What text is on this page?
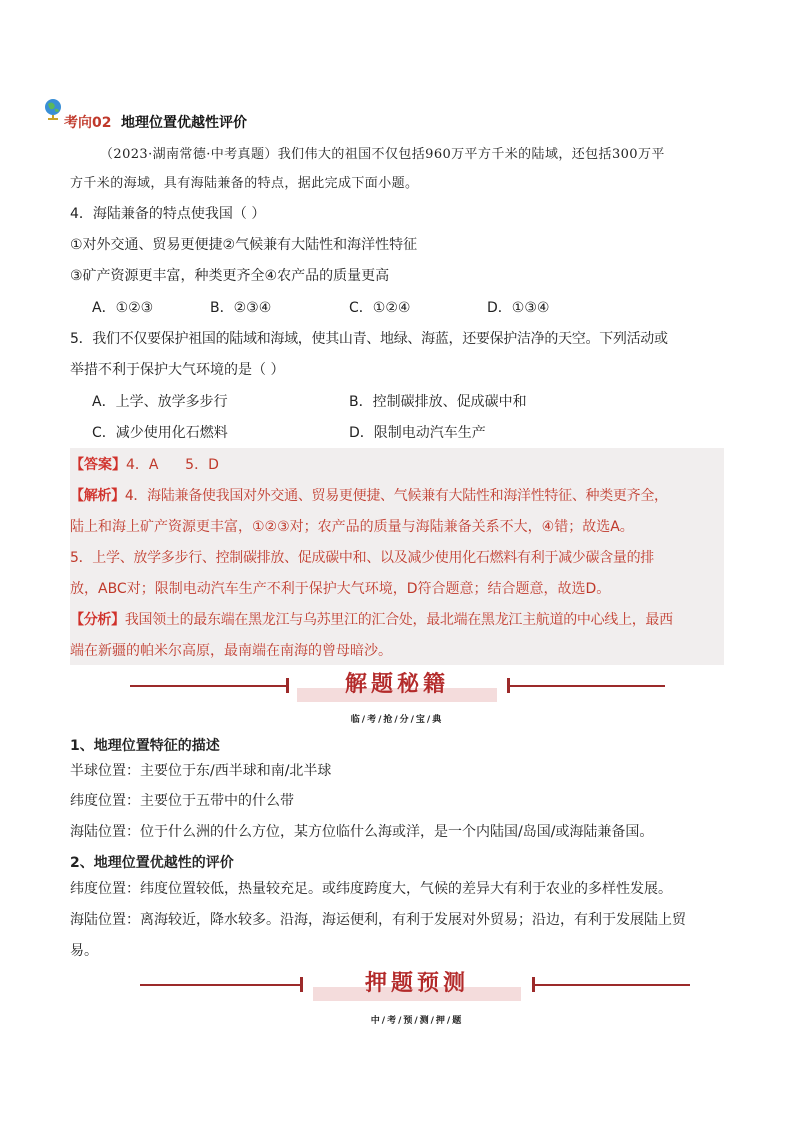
考向02 地理位置优越性评价
（2023·湖南常德·中考真题）我们伟大的祖国不仅包括960万平方千米的陆域，还包括300万平
方千米的海域，具有海陆兼备的特点，据此完成下面小题。
4．海陆兼备的特点使我国（ ）
①对外交通、贸易更便捷②气候兼有大陆性和海洋性特征
③矿产资源更丰富，种类更齐全④农产品的质量更高
A．①②③	B．②③④	C．①②④	D．①③④
5．我们不仅要保护祖国的陆域和海域，使其山青、地绿、海蓝，还要保护洁净的天空。下列活动或
举措不利于保护大气环境的是（ ）
A．上学、放学多步行	B．控制碳排放、促成碳中和
C．减少使用化石燃料	D．限制电动汽车生产
【答案】4．A      5．D
【解析】4．海陆兼备使我国对外交通、贸易更便捷、气候兼有大陆性和海洋性特征、种类更齐全，
陆上和海上矿产资源更丰富，①②③对；农产品的质量与海陆兼备关系不大，④错；故选A。
5．上学、放学多步行、控制碳排放、促成碳中和、以及减少使用化石燃料有利于减少碳含量的排
放，ABC对；限制电动汽车生产不利于保护大气环境，D符合题意；结合题意，故选D。
【分析】我国领土的最东端在黑龙江与乌苏里江的汇合处，最北端在黑龙江主航道的中心线上，最西
端在新疆的帕米尔高原，最南端在南海的曾母暗沙。
解题秘籍
临/考/抢/分/宝/典
1、地理位置特征的描述
半球位置：主要位于东/西半球和南/北半球
纬度位置：主要位于五带中的什么带
海陆位置：位于什么洲的什么方位，某方位临什么海或洋，是一个内陆国/岛国/或海陆兼备国。
2、地理位置优越性的评价
纬度位置：纬度位置较低，热量较充足。或纬度跨度大，气候的差异大有利于农业的多样性发展。
海陆位置：离海较近，降水较多。沿海，海运便利，有利于发展对外贸易；沿边，有利于发展陆上贸
易。
押题预测
中/考/预/测/押/题
